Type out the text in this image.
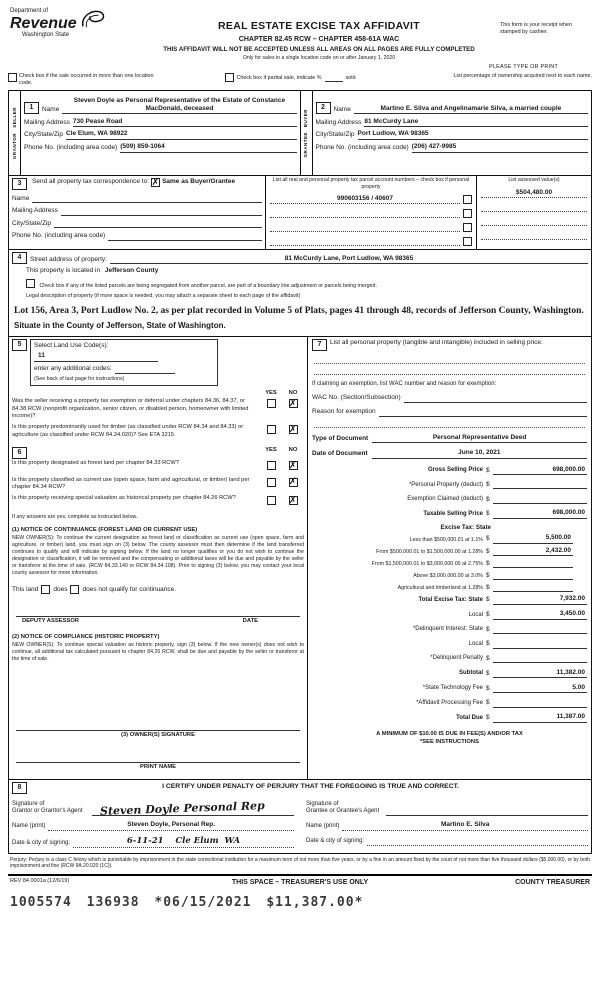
Department of
Revenue
Washington State
REAL ESTATE EXCISE TAX AFFIDAVIT
CHAPTER 82.45 RCW – CHAPTER 458-61A WAC
THIS AFFIDAVIT WILL NOT BE ACCEPTED UNLESS ALL AREAS ON ALL PAGES ARE FULLY COMPLETED
Only for sales in a single location code on or after January 1, 2020
This form is your receipt when stamped by cashier.
PLEASE TYPE OR PRINT
Check box if the sale occurred in more than one location code.
Check box if partial sale, indicate %	sold	List percentage of ownership acquired next to each name.
SELLER
GRANTOR
1	Name
Steven Doyle as Personal Representative of the Estate of Constance MacDonald, deceased
Mailing Address 730 Pease Road
City/State/Zip Cle Elum, WA 98922
Phone No. (including area code) (509) 859-1064
BUYER
GRANTEE
2	Name	Martino E. Silva and Angelinamarie Silva, a married couple
Mailing Address 81 McCurdy Lane
City/State/Zip Port Ludlow, WA 98365
Phone No. (including area code) (206) 427-9985
3	Send all property tax correspondence to: ✗ Same as Buyer/Grantee
Name
Mailing Address
City/State/Zip
Phone No. (including area code)
List all real and personal property tax parcel account numbers – check box if personal property
990603156 / 40607
List assessed value(s)
$504,480.00
4	Street address of property:	81 McCurdy Lane, Port Ludlow, WA 98365
This property is located in Jefferson County
Check box if any of the listed parcels are being segregated from another parcel, are part of a boundary line adjustment or parcels being merged.
Legal description of property (if more space is needed, you may attach a separate sheet to each page of the affidavit)
Lot 156, Area 3, Port Ludlow No. 2, as per plat recorded in Volume 5 of Plats, pages 41 through 48, records of Jefferson County, Washington.
Situate in the County of Jefferson, State of Washington.
5	Select Land Use Code(s):
11
enter any additional codes:
(See back of last page for instructions)
YES	NO
Was the seller receiving a property tax exemption or deferral under chapters 84.36, 84.37, or 84.38 RCW (nonprofit organization, senior citizen, or disabled person, homeowner with limited income)?
✗
Is this property predominantly used for timber (as classified under RCW 84.34 and 84.33) or agriculture (as classified under RCW 84.34.020)? See ETA 3215
✗
6	YES	NO
Is this property designated as forest land per chapter 84.33 RCW?
✗
Is this property classified as current use (open space, farm and agricultural, or timber) land per chapter 84.34 RCW?
✗
Is this property receiving special valuation as historical property per chapter 84.26 RCW?
✗
If any answers are yes, complete as instructed below.
(1) NOTICE OF CONTINUANCE (FOREST LAND OR CURRENT USE)
NEW OWNER(S): To continue the current designation as forest land or classification as current use (open space, farm and agriculture, or timber) land, you must sign on (3) below. The county assessor must then determine if the land transferred continues to qualify and will indicate by signing below. If the land no longer qualifies or you do not wish to continue the designation or classification, it will be removed and the compensating or additional taxes will be due and payable by the seller or transferor at the time of sale. (RCW 84.33.140 or RCW 84.34.108). Prior to signing (3) below, you may contact your local county assessor for more information.
This land does does not qualify for continuance.
DEPUTY ASSESSOR	DATE
(2) NOTICE OF COMPLIANCE (HISTORIC PROPERTY)
NEW OWNER(S): To continue special valuation as historic property, sign (3) below. If the new owner(s) does not wish to continue, all additional tax calculated pursuant to chapter 84.26 RCW, shall be due and payable by the seller or transferor at the time of sale.
(3) OWNER(S) SIGNATURE
PRINT NAME
7	List all personal property (tangible and intangible) included in selling price.
If claiming an exemption, list WAC number and reason for exemption:
WAC No. (Section/Subsection)
Reason for exemption
Type of Document	Personal Representative Deed
Date of Document	June 10, 2021
Gross Selling Price $	698,000.00
*Personal Property (deduct) $
Exemption Claimed (deduct) $
Taxable Selling Price $	698,000.00
Excise Tax: State
Less than $500,000.01 at 1.1% $	5,500.00
From $500,000.01 to $1,500,000.00 at 1.28% $	2,432.00
From $1,500,000.01 to $3,000,000.00 at 2.75% $
Above $3,000,000.00 at 3.0% $
Agricultural and timberland at 1.28% $
Total Excise Tax: State $	7,932.00
Local $	3,450.00
*Delinquent Interest: State $
Local $
*Delinquent Penalty $
Subtotal $	11,382.00
*State Technology Fee $	5.00
*Affidavit Processing Fee $
Total Due $	11,387.00
A MINIMUM OF $10.00 IS DUE IN FEE(S) AND/OR TAX
*SEE INSTRUCTIONS
8	I CERTIFY UNDER PENALTY OF PERJURY THAT THE FOREGOING IS TRUE AND CORRECT.
Signature of
Grantor or Grantor's Agent	Steven Doyle Personal Rep
Name (print)	Steven Doyle, Personal Rep.
Date & city of signing:	6-11-21    Cle Elum  WA
Signature of
Grantee or Grantee's Agent
Name (print)	Martino E. Silva
Date & city of signing:
Perjury: Perjury is a class C felony which is punishable by imprisonment in the state correctional institution for a maximum term of not more than five years, or by a fine in an amount fixed by the court of not more than five thousand dollars ($5,000.00), or by both imprisonment and fine (RCW 9A.20.020 (1C)).
REV 84 0001a (12/6/19)	THIS SPACE – TREASURER'S USE ONLY	COUNTY TREASURER
1005574 136938 *06/15/2021 $11,387.00*
